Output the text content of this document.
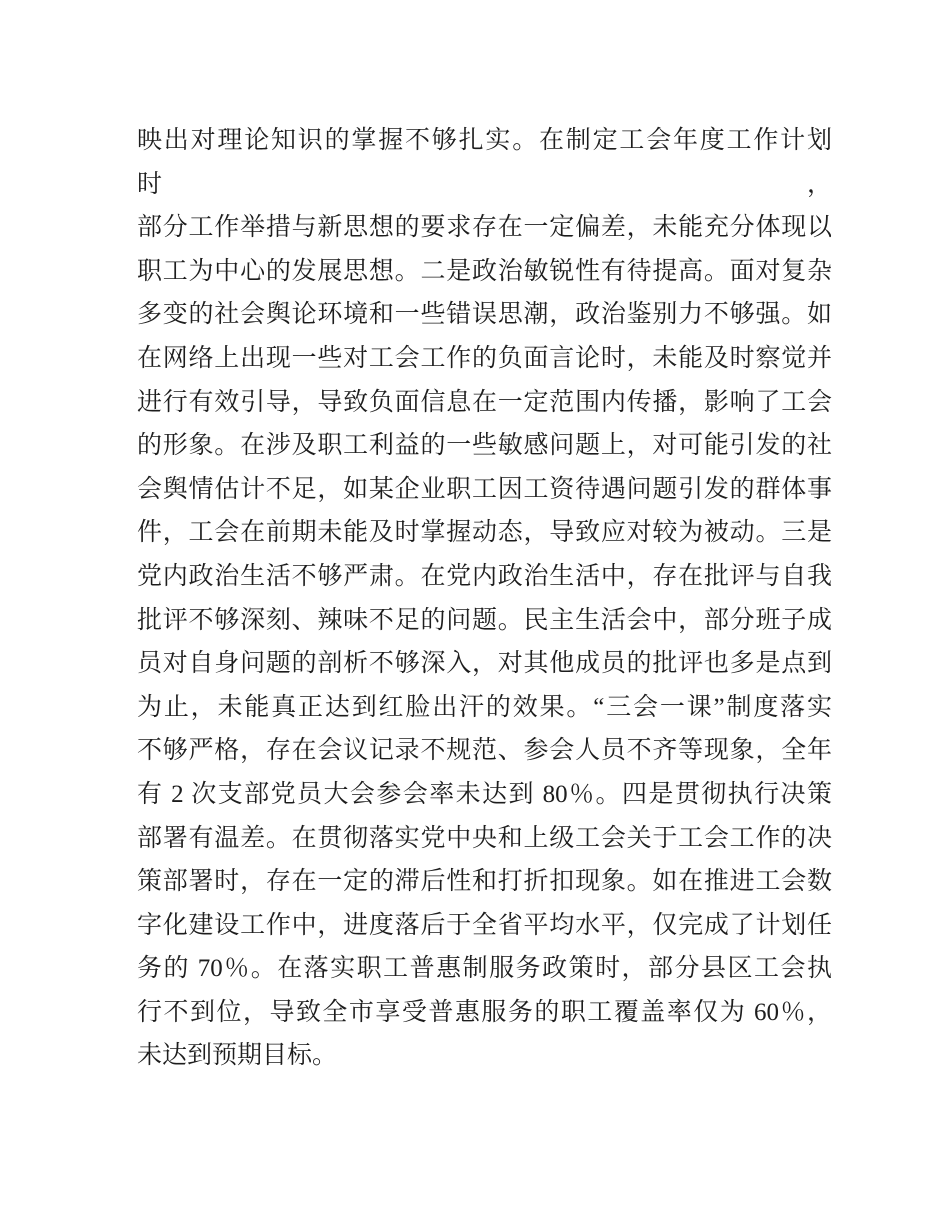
映出对理论知识的掌握不够扎实。在制定工会年度工作计划时，
部分工作举措与新思想的要求存在一定偏差，未能充分体现以
职工为中心的发展思想。二是政治敏锐性有待提高。面对复杂
多变的社会舆论环境和一些错误思潮，政治鉴别力不够强。如
在网络上出现一些对工会工作的负面言论时，未能及时察觉并
进行有效引导，导致负面信息在一定范围内传播，影响了工会
的形象。在涉及职工利益的一些敏感问题上，对可能引发的社
会舆情估计不足，如某企业职工因工资待遇问题引发的群体事
件，工会在前期未能及时掌握动态，导致应对较为被动。三是
党内政治生活不够严肃。在党内政治生活中，存在批评与自我
批评不够深刻、辣味不足的问题。民主生活会中，部分班子成
员对自身问题的剖析不够深入，对其他成员的批评也多是点到
为止，未能真正达到红脸出汗的效果。“三会一课”制度落实
不够严格，存在会议记录不规范、参会人员不齐等现象，全年
有 2 次支部党员大会参会率未达到 80％。四是贯彻执行决策
部署有温差。在贯彻落实党中央和上级工会关于工会工作的决
策部署时，存在一定的滞后性和打折扣现象。如在推进工会数
字化建设工作中，进度落后于全省平均水平，仅完成了计划任
务的 70％。在落实职工普惠制服务政策时，部分县区工会执
行不到位，导致全市享受普惠服务的职工覆盖率仅为 60％，
未达到预期目标。
